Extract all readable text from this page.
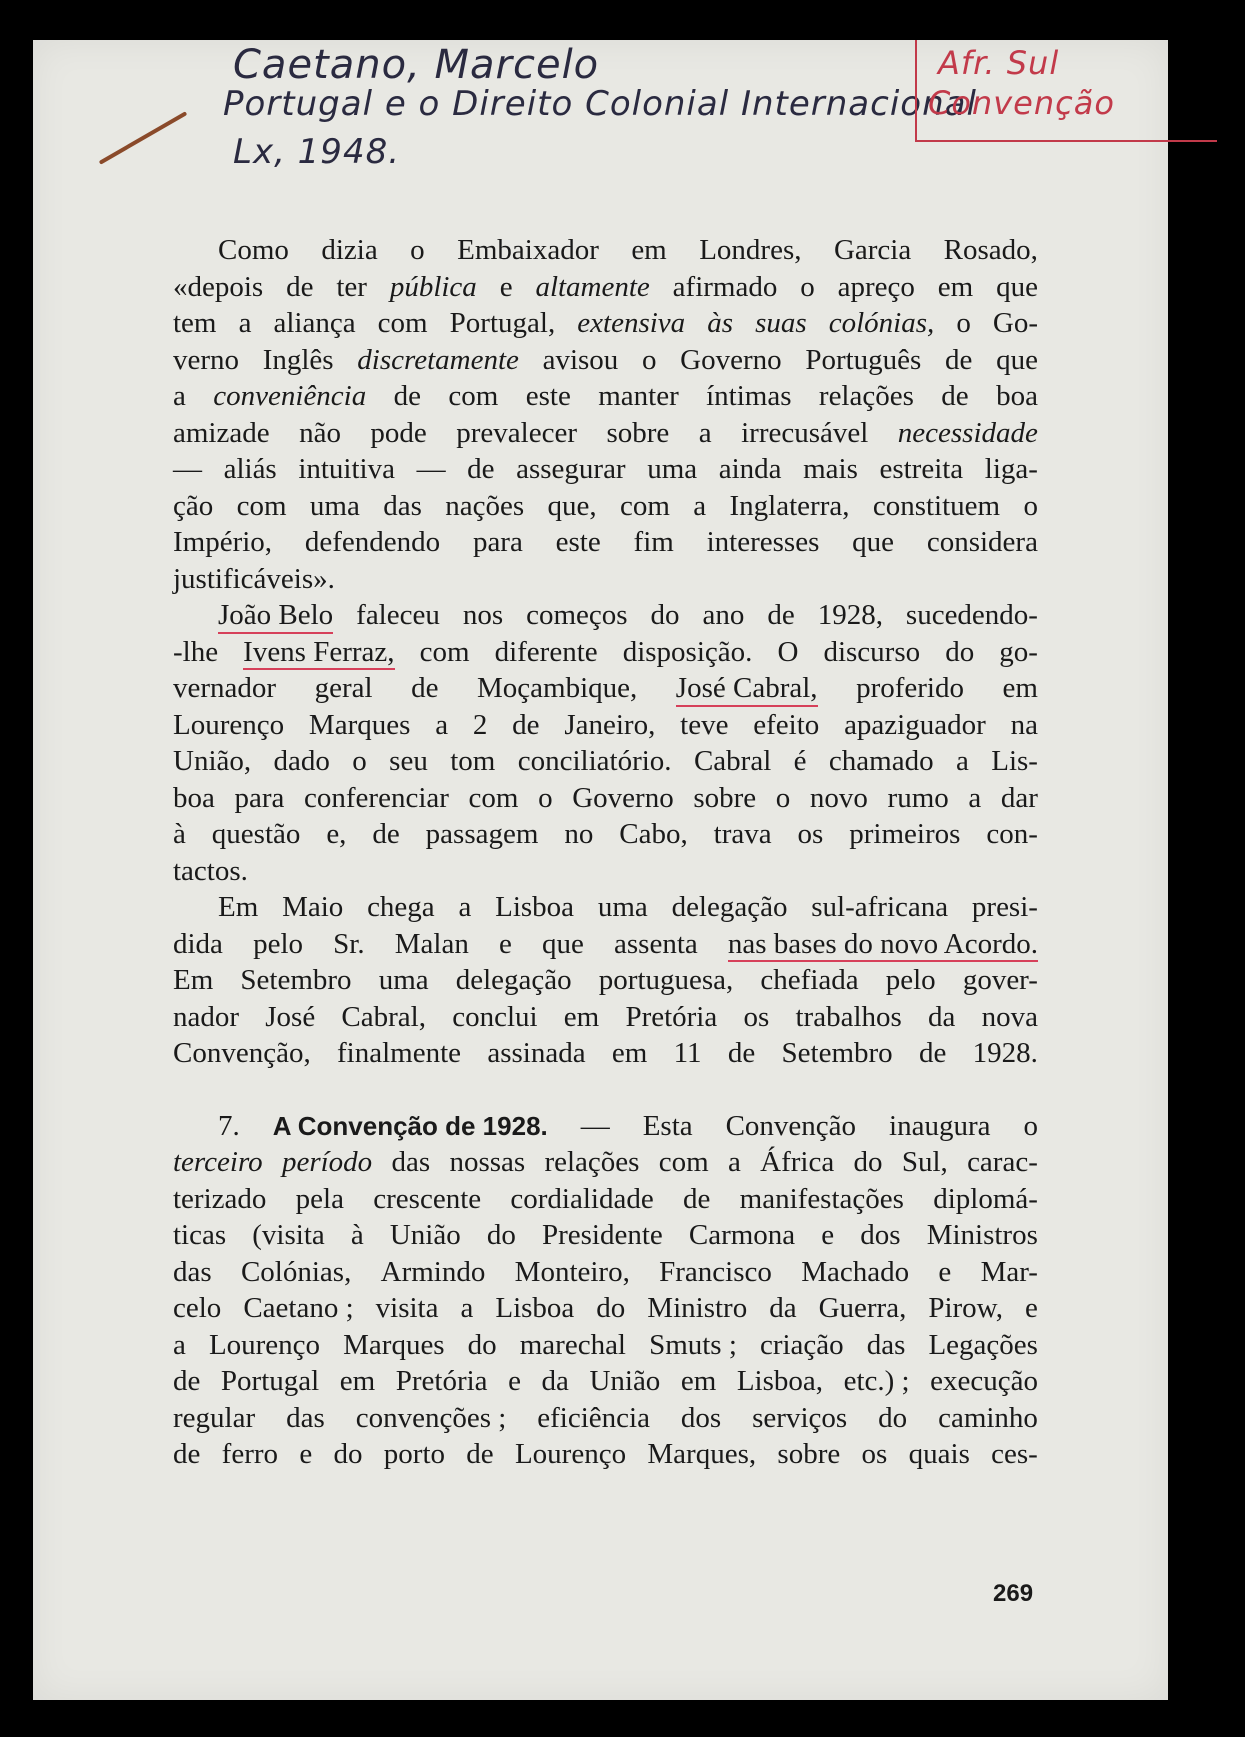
Caetano, Marcelo
Portugal e o Direito Colonial Internacional
Lx, 1948.
Afr. Sul
Convenção
Como dizia o Embaixador em Londres, Garcia Rosado,
«depois de ter pública e altamente afirmado o apreço em que
tem a aliança com Portugal, extensiva às suas colónias, o Go-
verno Inglês discretamente avisou o Governo Português de que
a conveniência de com este manter íntimas relações de boa
amizade não pode prevalecer sobre a irrecusável necessidade
— aliás intuitiva — de assegurar uma ainda mais estreita liga-
ção com uma das nações que, com a Inglaterra, constituem o
Império, defendendo para este fim interesses que considera
justificáveis».
João Belo faleceu nos começos do ano de 1928, sucedendo-
-lhe Ivens Ferraz, com diferente disposição. O discurso do go-
vernador geral de Moçambique, José Cabral, proferido em
Lourenço Marques a 2 de Janeiro, teve efeito apaziguador na
União, dado o seu tom conciliatório. Cabral é chamado a Lis-
boa para conferenciar com o Governo sobre o novo rumo a dar
à questão e, de passagem no Cabo, trava os primeiros con-
tactos.
Em Maio chega a Lisboa uma delegação sul-africana presi-
dida pelo Sr. Malan e que assenta nas bases do novo Acordo.
Em Setembro uma delegação portuguesa, chefiada pelo gover-
nador José Cabral, conclui em Pretória os trabalhos da nova
Convenção, finalmente assinada em 11 de Setembro de 1928.
7. A Convenção de 1928. — Esta Convenção inaugura o
terceiro período das nossas relações com a África do Sul, carac-
terizado pela crescente cordialidade de manifestações diplomá-
ticas (visita à União do Presidente Carmona e dos Ministros
das Colónias, Armindo Monteiro, Francisco Machado e Mar-
celo Caetano ; visita a Lisboa do Ministro da Guerra, Pirow, e
a Lourenço Marques do marechal Smuts ; criação das Legações
de Portugal em Pretória e da União em Lisboa, etc.) ; execução
regular das convenções ; eficiência dos serviços do caminho
de ferro e do porto de Lourenço Marques, sobre os quais ces-
269
